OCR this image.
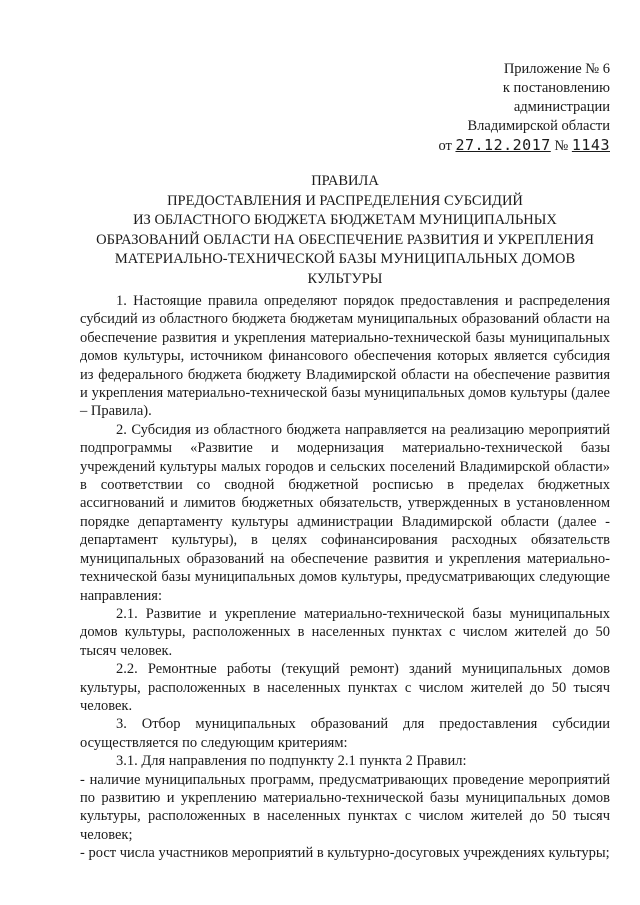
Приложение № 6
к постановлению
администрации
Владимирской области
от 27.12.2017 № 1143
ПРАВИЛА
ПРЕДОСТАВЛЕНИЯ И РАСПРЕДЕЛЕНИЯ СУБСИДИЙ
ИЗ ОБЛАСТНОГО БЮДЖЕТА БЮДЖЕТАМ МУНИЦИПАЛЬНЫХ
ОБРАЗОВАНИЙ ОБЛАСТИ НА ОБЕСПЕЧЕНИЕ РАЗВИТИЯ И УКРЕПЛЕНИЯ
МАТЕРИАЛЬНО-ТЕХНИЧЕСКОЙ БАЗЫ МУНИЦИПАЛЬНЫХ ДОМОВ
КУЛЬТУРЫ

1. Настоящие правила определяют порядок предоставления и распределения субсидий из областного бюджета бюджетам муниципальных образований области на обеспечение развития и укрепления материально-технической базы муниципальных домов культуры, источником финансового обеспечения которых является субсидия из федерального бюджета бюджету Владимирской области на обеспечение развития и укрепления материально-технической базы муниципальных домов культуры (далее – Правила).

2. Субсидия из областного бюджета направляется на реализацию мероприятий подпрограммы «Развитие и модернизация материально-технической базы учреждений культуры малых городов и сельских поселений Владимирской области» в соответствии со сводной бюджетной росписью в пределах бюджетных ассигнований и лимитов бюджетных обязательств, утвержденных в установленном порядке департаменту культуры администрации Владимирской области (далее - департамент культуры), в целях софинансирования расходных обязательств муниципальных образований на обеспечение развития и укрепления материально-технической базы муниципальных домов культуры, предусматривающих следующие направления:

2.1. Развитие и укрепление материально-технической базы муниципальных домов культуры, расположенных в населенных пунктах с числом жителей до 50 тысяч человек.

2.2. Ремонтные работы (текущий ремонт) зданий муниципальных домов культуры, расположенных в населенных пунктах с числом жителей до 50 тысяч человек.

3. Отбор муниципальных образований для предоставления субсидии осуществляется по следующим критериям:

3.1. Для направления по подпункту 2.1 пункта 2 Правил:

- наличие муниципальных программ, предусматривающих проведение мероприятий по развитию и укреплению материально-технической базы муниципальных домов культуры, расположенных в населенных пунктах с числом жителей до 50 тысяч человек;

- рост числа участников мероприятий в культурно-досуговых учреждениях культуры;
